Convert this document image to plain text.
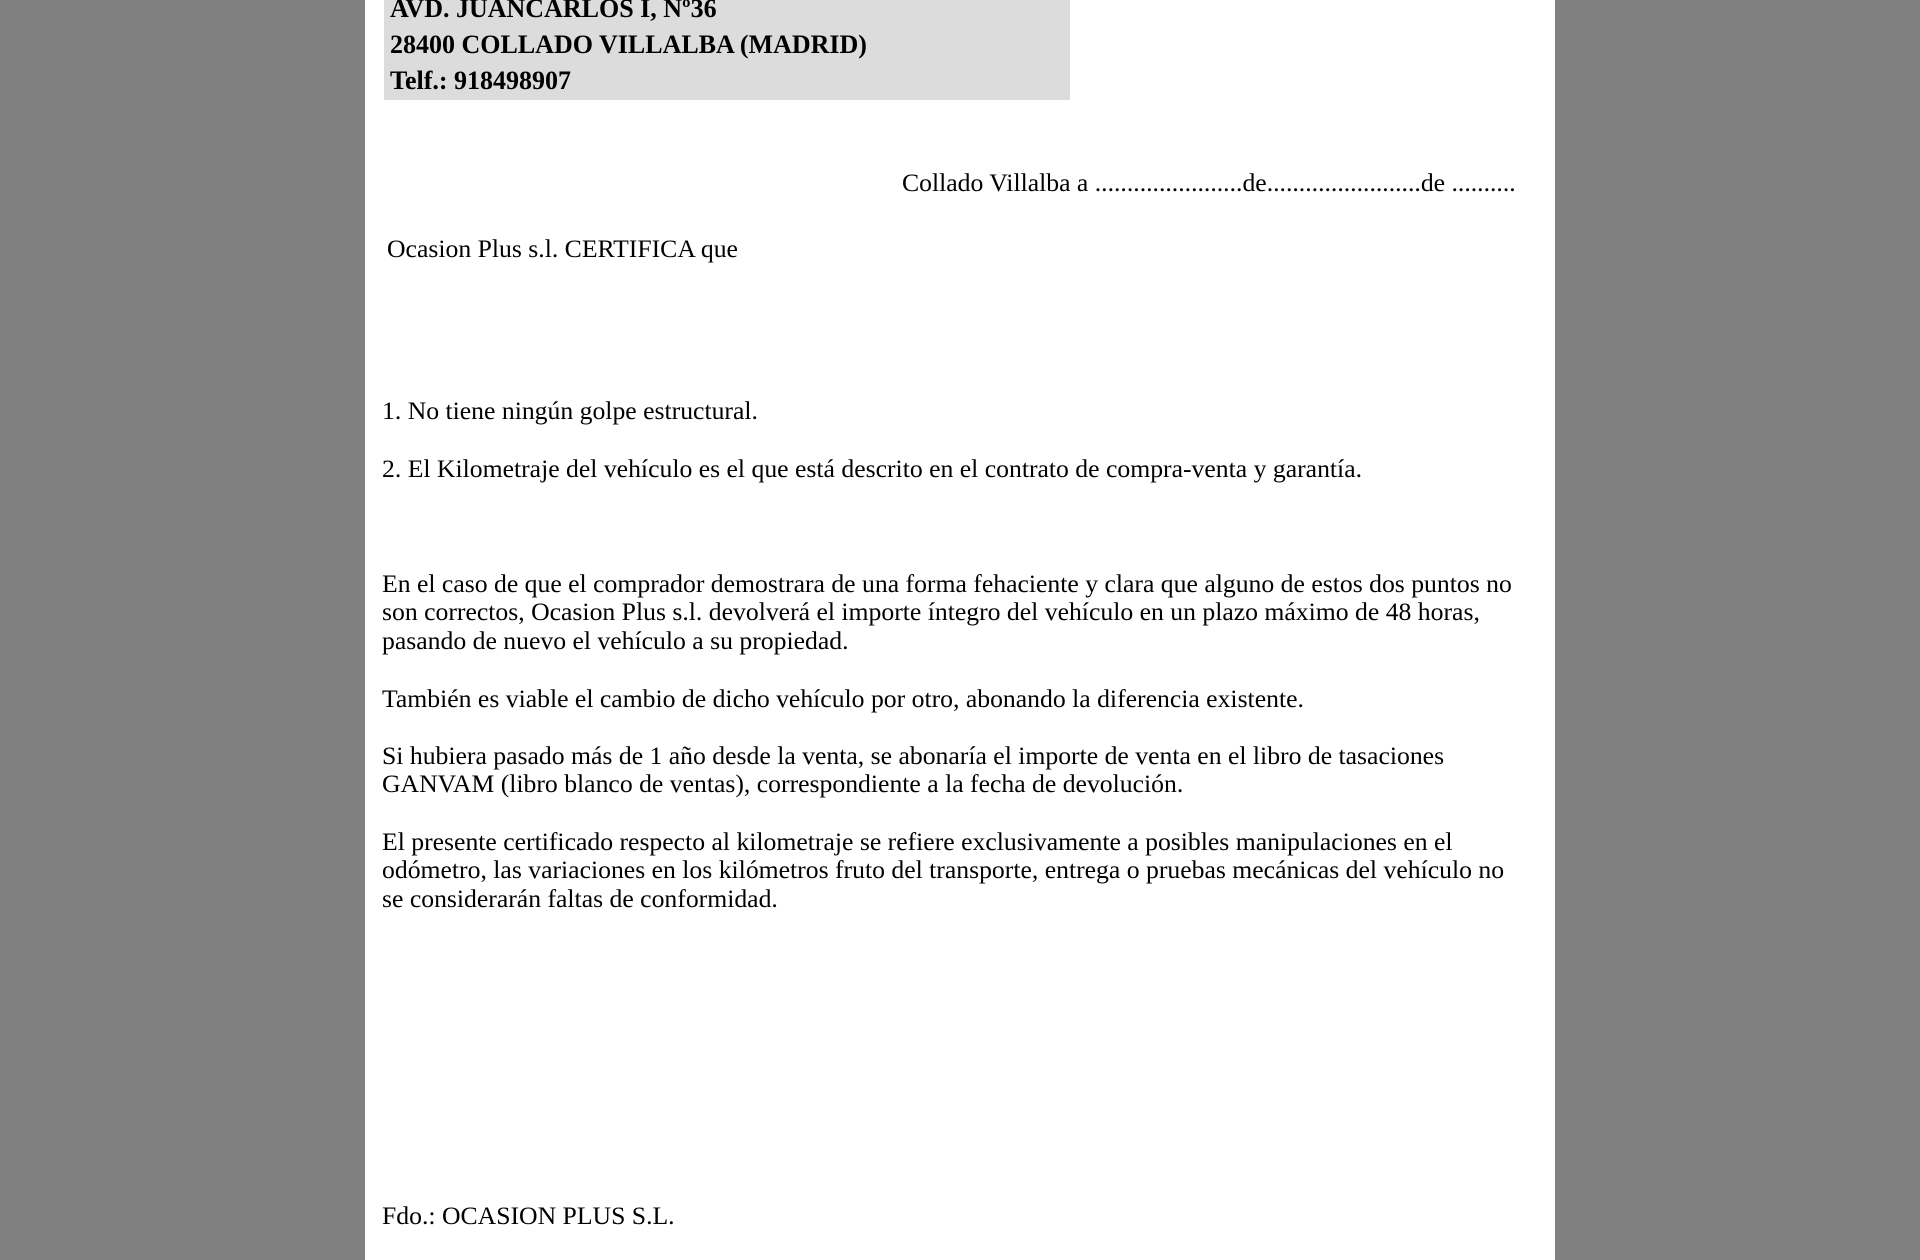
AVD. JUANCARLOS I, Nº36
28400 COLLADO VILLALBA (MADRID)
Telf.: 918498907
Collado Villalba a .......................de........................de ..........
Ocasion Plus s.l. CERTIFICA que
1. No tiene ningún golpe estructural.
2. El Kilometraje del vehículo es el que está descrito en el contrato de compra-venta y garantía.
En el caso de que el comprador demostrara de una forma fehaciente y clara que alguno de estos dos puntos no
son correctos, Ocasion Plus s.l. devolverá el importe íntegro del vehículo en un plazo máximo de 48 horas,
pasando de nuevo el vehículo a su propiedad.
También es viable el cambio de dicho vehículo por otro, abonando la diferencia existente.
Si hubiera pasado más de 1 año desde la venta, se abonaría el importe de venta en el libro de tasaciones
GANVAM (libro blanco de ventas), correspondiente a la fecha de devolución.
El presente certificado respecto al kilometraje se refiere exclusivamente a posibles manipulaciones en el
odómetro, las variaciones en los kilómetros fruto del transporte, entrega o pruebas mecánicas del vehículo no
se considerarán faltas de conformidad.
Fdo.: OCASION PLUS S.L.
